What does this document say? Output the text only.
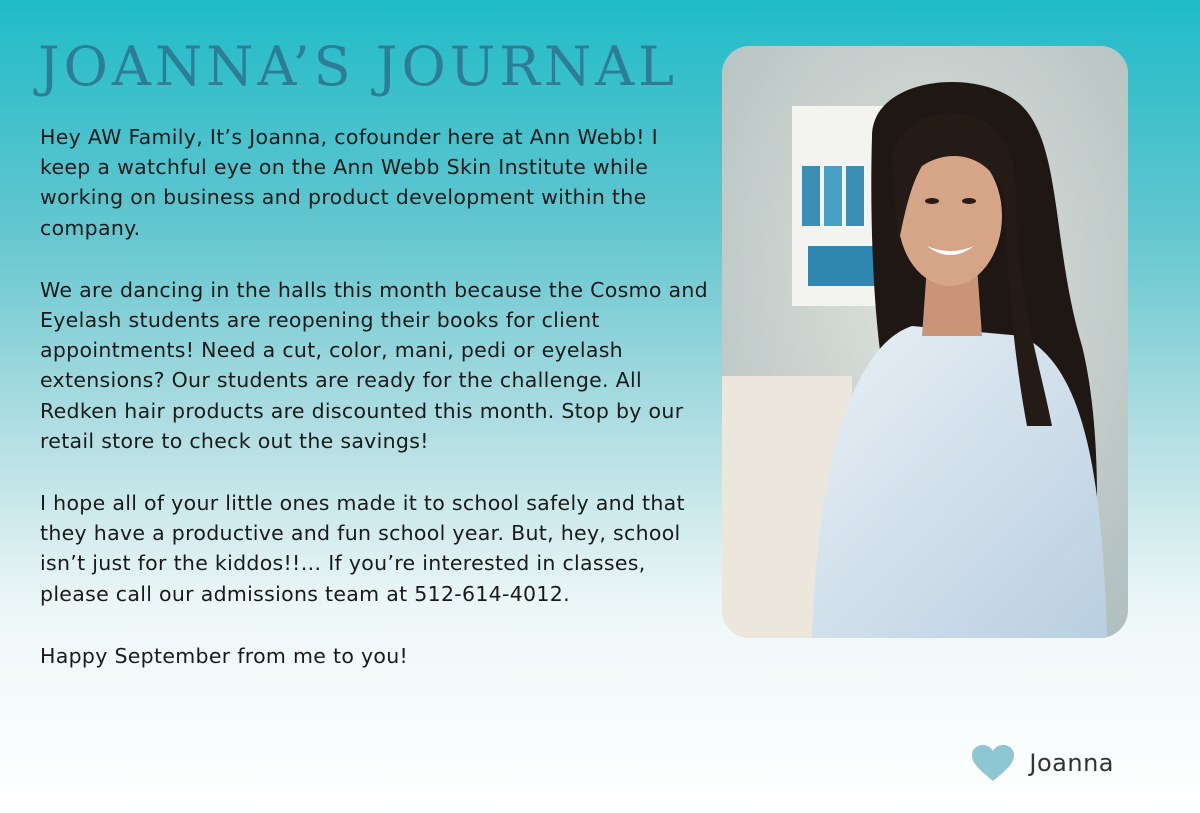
JOANNA’S JOURNAL

Hey AW Family, It’s Joanna, cofounder here at Ann Webb! I keep a watchful eye on the Ann Webb Skin Institute while working on business and product development within the company.

We are dancing in the halls this month because the Cosmo and Eyelash students are reopening their books for client appointments! Need a cut, color, mani, pedi or eyelash extensions? Our students are ready for the challenge. All Redken hair products are discounted this month. Stop by our retail store to check out the savings!

I hope all of your little ones made it to school safely and that they have a productive and fun school year. But, hey, school isn’t just for the kiddos!!… If you’re interested in classes, please call our admissions team at 512-614-4012.

Happy September from me to you!

Joanna
